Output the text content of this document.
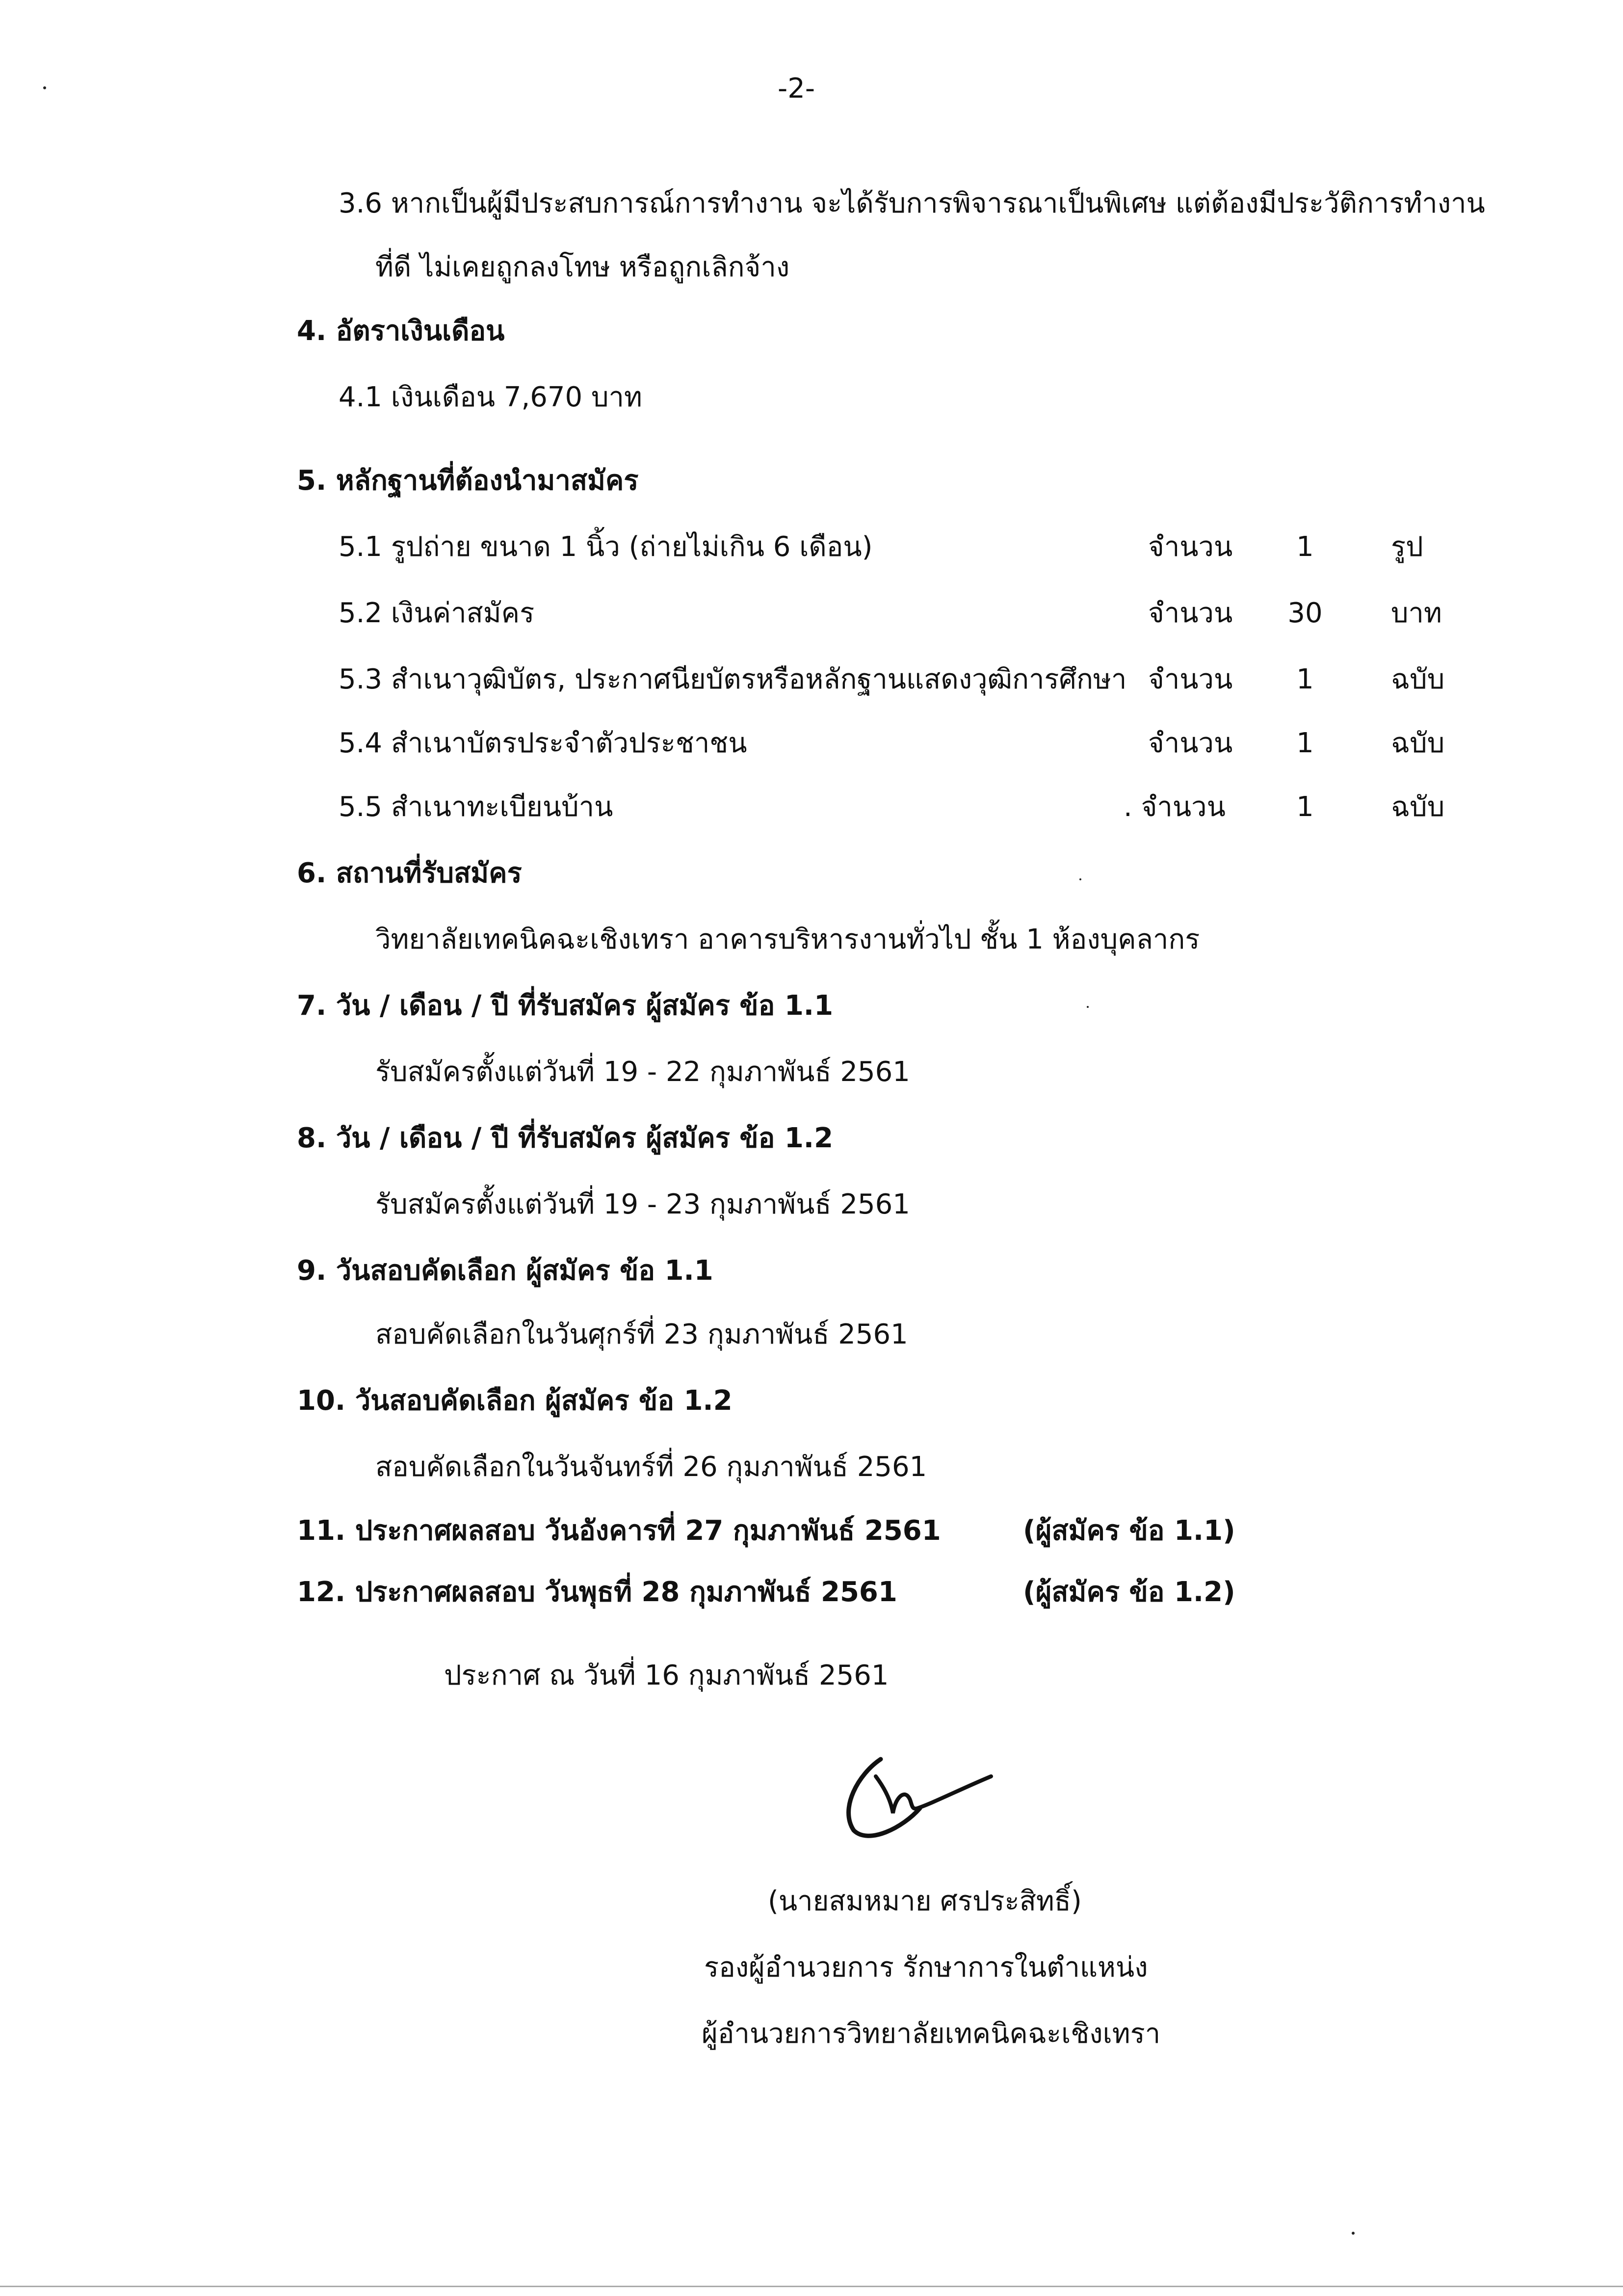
-2-
3.6 หากเป็นผู้มีประสบการณ์การทำงาน จะได้รับการพิจารณาเป็นพิเศษ แต่ต้องมีประวัติการทำงาน
ที่ดี ไม่เคยถูกลงโทษ หรือถูกเลิกจ้าง
4. อัตราเงินเดือน
4.1 เงินเดือน 7,670 บาท
5. หลักฐานที่ต้องนำมาสมัคร
5.1 รูปถ่าย ขนาด 1 นิ้ว (ถ่ายไม่เกิน 6 เดือน)	จำนวน	1	รูป
5.2 เงินค่าสมัคร	จำนวน 30 บาท
5.3 สำเนาวุฒิบัตร, ประกาศนียบัตรหรือหลักฐานแสดงวุฒิการศึกษา จำนวน	1	ฉบับ
5.4 สำเนาบัตรประจำตัวประชาชน	จำนวน	1	ฉบับ
5.5 สำเนาทะเบียนบ้าน	. จำนวน	1	ฉบับ
6. สถานที่รับสมัคร
วิทยาลัยเทคนิคฉะเชิงเทรา อาคารบริหารงานทั่วไป ชั้น 1 ห้องบุคลากร
7. วัน / เดือน / ปี ที่รับสมัคร ผู้สมัคร ข้อ 1.1
รับสมัครตั้งแต่วันที่ 19 - 22 กุมภาพันธ์ 2561
8. วัน / เดือน / ปี ที่รับสมัคร ผู้สมัคร ข้อ 1.2
รับสมัครตั้งแต่วันที่ 19 - 23 กุมภาพันธ์ 2561
9. วันสอบคัดเลือก ผู้สมัคร ข้อ 1.1
สอบคัดเลือกในวันศุกร์ที่ 23 กุมภาพันธ์ 2561
10. วันสอบคัดเลือก ผู้สมัคร ข้อ 1.2
สอบคัดเลือกในวันจันทร์ที่ 26 กุมภาพันธ์ 2561
11. ประกาศผลสอบ วันอังคารที่ 27 กุมภาพันธ์ 2561	(ผู้สมัคร ข้อ 1.1)
12. ประกาศผลสอบ วันพุธที่ 28 กุมภาพันธ์ 2561	(ผู้สมัคร ข้อ 1.2)
ประกาศ ณ วันที่ 16 กุมภาพันธ์ 2561
(นายสมหมาย ศรประสิทธิ์)
รองผู้อำนวยการ รักษาการในตำแหน่ง
ผู้อำนวยการวิทยาลัยเทคนิคฉะเชิงเทรา
